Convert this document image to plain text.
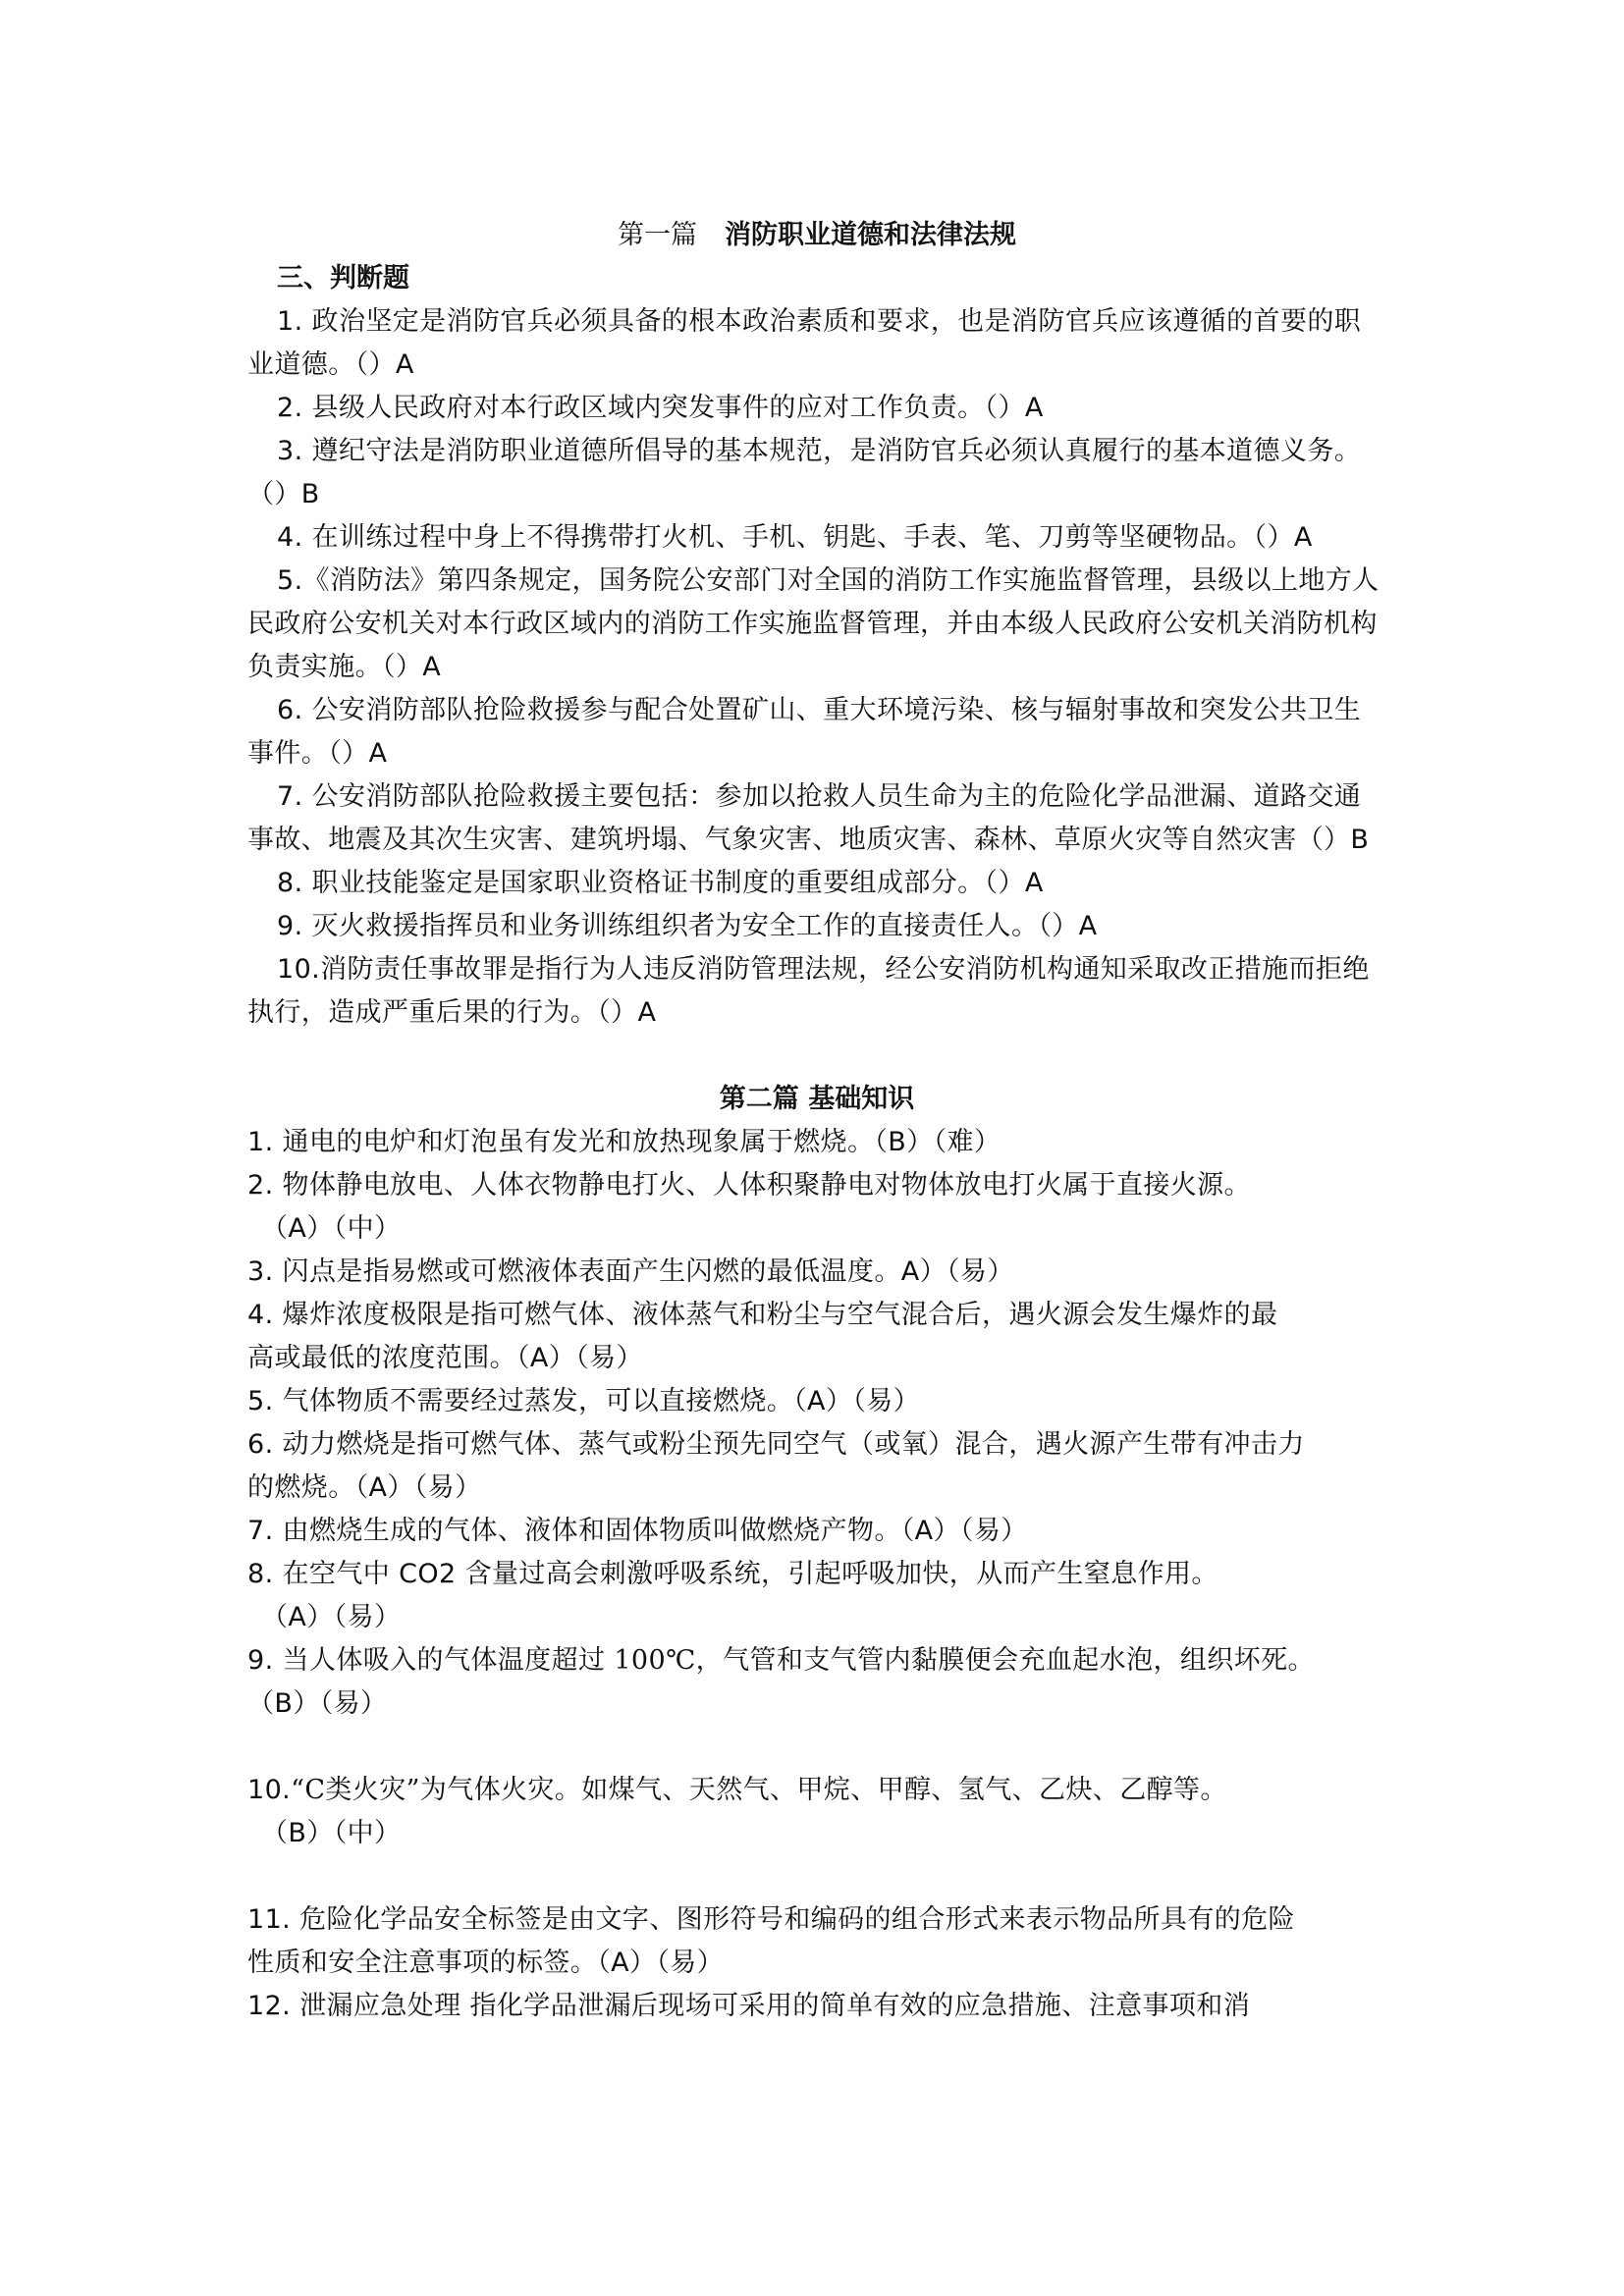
第一篇 消防职业道德和法律法规

三、判断题

1. 政治坚定是消防官兵必须具备的根本政治素质和要求，也是消防官兵应该遵循的首要的职业道德。（）A

2. 县级人民政府对本行政区域内突发事件的应对工作负责。（）A

3. 遵纪守法是消防职业道德所倡导的基本规范，是消防官兵必须认真履行的基本道德义务。（）B

4. 在训练过程中身上不得携带打火机、手机、钥匙、手表、笔、刀剪等坚硬物品。（）A

5.《消防法》第四条规定，国务院公安部门对全国的消防工作实施监督管理，县级以上地方人民政府公安机关对本行政区域内的消防工作实施监督管理，并由本级人民政府公安机关消防机构负责实施。（）A

6. 公安消防部队抢险救援参与配合处置矿山、重大环境污染、核与辐射事故和突发公共卫生事件。（）A

7. 公安消防部队抢险救援主要包括：参加以抢救人员生命为主的危险化学品泄漏、道路交通事故、地震及其次生灾害、建筑坍塌、气象灾害、地质灾害、森林、草原火灾等自然灾害（）B

8. 职业技能鉴定是国家职业资格证书制度的重要组成部分。（）A

9. 灭火救援指挥员和业务训练组织者为安全工作的直接责任人。（）A

10.消防责任事故罪是指行为人违反消防管理法规，经公安消防机构通知采取改正措施而拒绝执行，造成严重后果的行为。（）A

第二篇 基础知识

1. 通电的电炉和灯泡虽有发光和放热现象属于燃烧。（B）（难）

2. 物体静电放电、人体衣物静电打火、人体积聚静电对物体放电打火属于直接火源。
（A）（中）

3. 闪点是指易燃或可燃液体表面产生闪燃的最低温度。A）（易）

4. 爆炸浓度极限是指可燃气体、液体蒸气和粉尘与空气混合后，遇火源会发生爆炸的最高或最低的浓度范围。（A）（易）

5. 气体物质不需要经过蒸发，可以直接燃烧。（A）（易）

6. 动力燃烧是指可燃气体、蒸气或粉尘预先同空气（或氧）混合，遇火源产生带有冲击力的燃烧。（A）（易）

7. 由燃烧生成的气体、液体和固体物质叫做燃烧产物。（A）（易）

8. 在空气中 CO2 含量过高会刺激呼吸系统，引起呼吸加快，从而产生窒息作用。
（A）（易）

9. 当人体吸入的气体温度超过 100℃，气管和支气管内黏膜便会充血起水泡，组织坏死。（B）（易）

10.“C类火灾”为气体火灾。如煤气、天然气、甲烷、甲醇、氢气、乙炔、乙醇等。
（B）（中）

11. 危险化学品安全标签是由文字、图形符号和编码的组合形式来表示物品所具有的危险性质和安全注意事项的标签。（A）（易）

12. 泄漏应急处理 指化学品泄漏后现场可采用的简单有效的应急措施、注意事项和消
